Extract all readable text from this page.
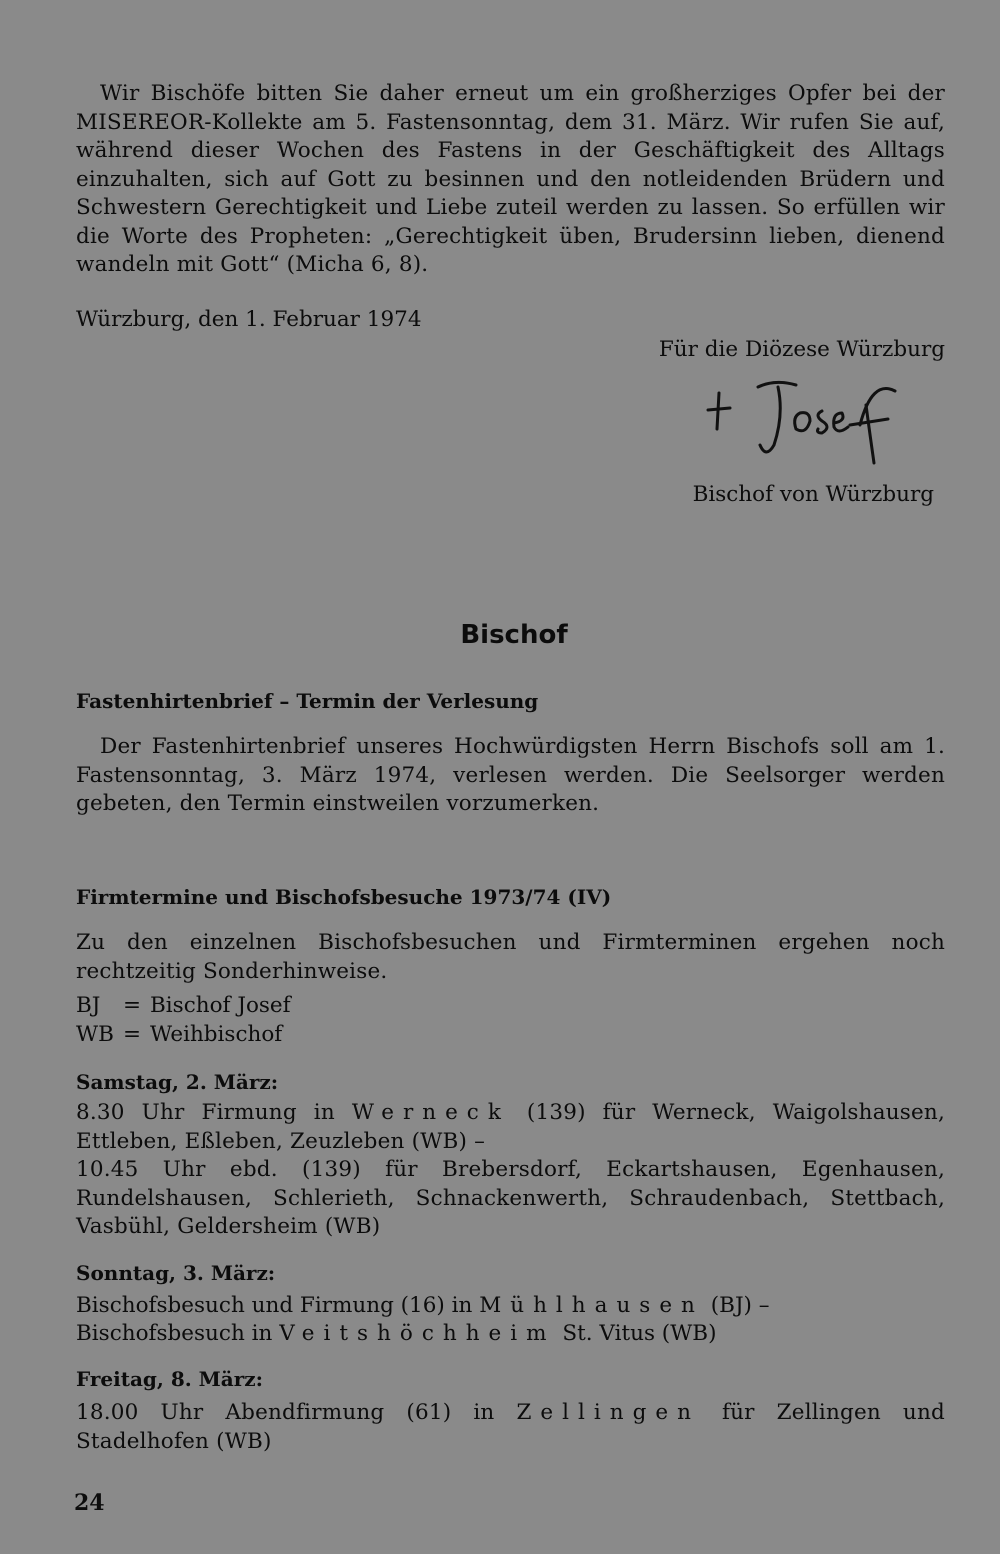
Wir Bischöfe bitten Sie daher erneut um ein großherziges Opfer bei der MISEREOR-Kollekte am 5. Fastensonntag, dem 31. März. Wir rufen Sie auf, während dieser Wochen des Fastens in der Geschäftigkeit des Alltags einzuhalten, sich auf Gott zu besinnen und den notleidenden Brüdern und Schwestern Gerechtigkeit und Liebe zuteil werden zu lassen. So erfüllen wir die Worte des Propheten: „Gerechtigkeit üben, Brudersinn lieben, dienend wandeln mit Gott“ (Micha 6, 8).

Würzburg, den 1. Februar 1974
Für die Diözese Würzburg
Bischof von Würzburg
Bischof
Fastenhirtenbrief – Termin der Verlesung

Der Fastenhirtenbrief unseres Hochwürdigsten Herrn Bischofs soll am 1. Fastensonntag, 3. März 1974, verlesen werden. Die Seelsorger werden gebeten, den Termin einstweilen vorzumerken.

Firmtermine und Bischofsbesuche 1973/74 (IV)

Zu den einzelnen Bischofsbesuchen und Firmterminen ergehen noch rechtzeitig Sonderhinweise.

BJ = Bischof Josef
WB = Weihbischof
Samstag, 2. März:

8.30 Uhr Firmung in Werneck (139) für Werneck, Waigolshausen, Ettleben, Eßleben, Zeuzleben (WB) –

10.45 Uhr ebd. (139) für Brebersdorf, Eckartshausen, Egenhausen, Rundelshausen, Schlerieth, Schnackenwerth, Schraudenbach, Stettbach, Vasbühl, Geldersheim (WB)

Sonntag, 3. März:
Bischofsbesuch und Firmung (16) in Mühlhausen (BJ) –
Bischofsbesuch in Veitshöchheim St. Vitus (WB)
Freitag, 8. März:

18.00 Uhr Abendfirmung (61) in Zellingen für Zellingen und Stadelhofen (WB)

24
